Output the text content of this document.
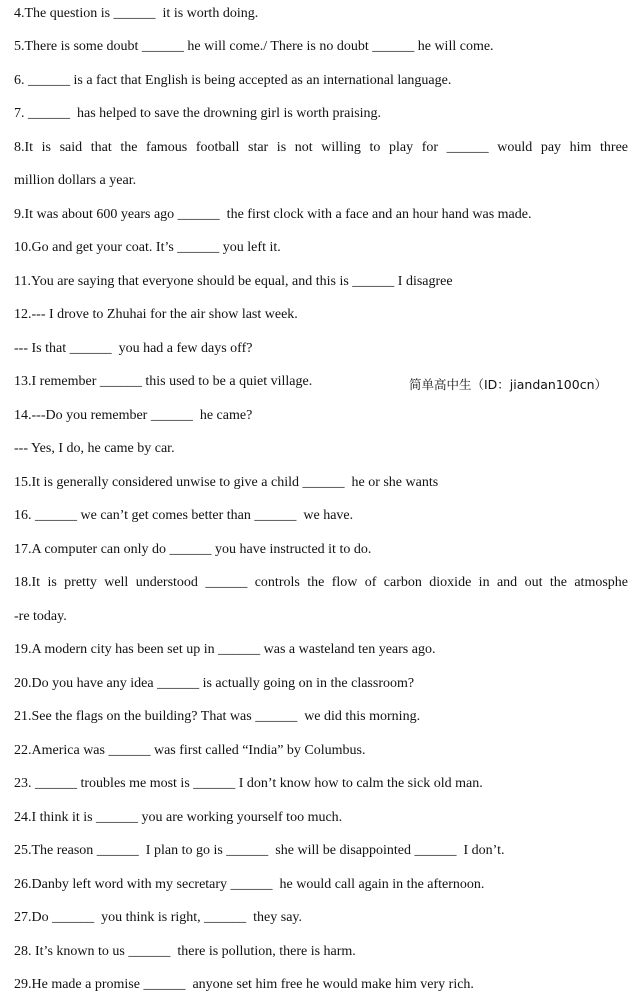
4.The question is ______  it is worth doing.
5.There is some doubt ______ he will come./ There is no doubt ______ he will come.
6. ______ is a fact that English is being accepted as an international language.
7. ______  has helped to save the drowning girl is worth praising.
8.It is said that the famous football star is not willing to play for ______ would pay him three
million dollars a year.
9.It was about 600 years ago ______  the first clock with a face and an hour hand was made.
10.Go and get your coat. It’s ______ you left it.
11.You are saying that everyone should be equal, and this is ______ I disagree
12.--- I drove to Zhuhai for the air show last week.
--- Is that ______  you had a few days off?
13.I remember ______ this used to be a quiet village.	简单高中生（ID：jiandan100cn）
14.---Do you remember ______  he came?
--- Yes, I do, he came by car.
15.It is generally considered unwise to give a child ______  he or she wants
16. ______ we can’t get comes better than ______  we have.
17.A computer can only do ______ you have instructed it to do.
18.It is pretty well understood ______ controls the flow of carbon dioxide in and out the atmosphe
-re today.
19.A modern city has been set up in ______ was a wasteland ten years ago.
20.Do you have any idea ______ is actually going on in the classroom?
21.See the flags on the building? That was ______  we did this morning.
22.America was ______ was first called “India” by Columbus.
23. ______ troubles me most is ______ I don’t know how to calm the sick old man.
24.I think it is ______ you are working yourself too much.
25.The reason ______  I plan to go is ______  she will be disappointed ______  I don’t.
26.Danby left word with my secretary ______  he would call again in the afternoon.
27.Do ______  you think is right, ______  they say.
28. It’s known to us ______  there is pollution, there is harm.
29.He made a promise ______  anyone set him free he would make him very rich.
